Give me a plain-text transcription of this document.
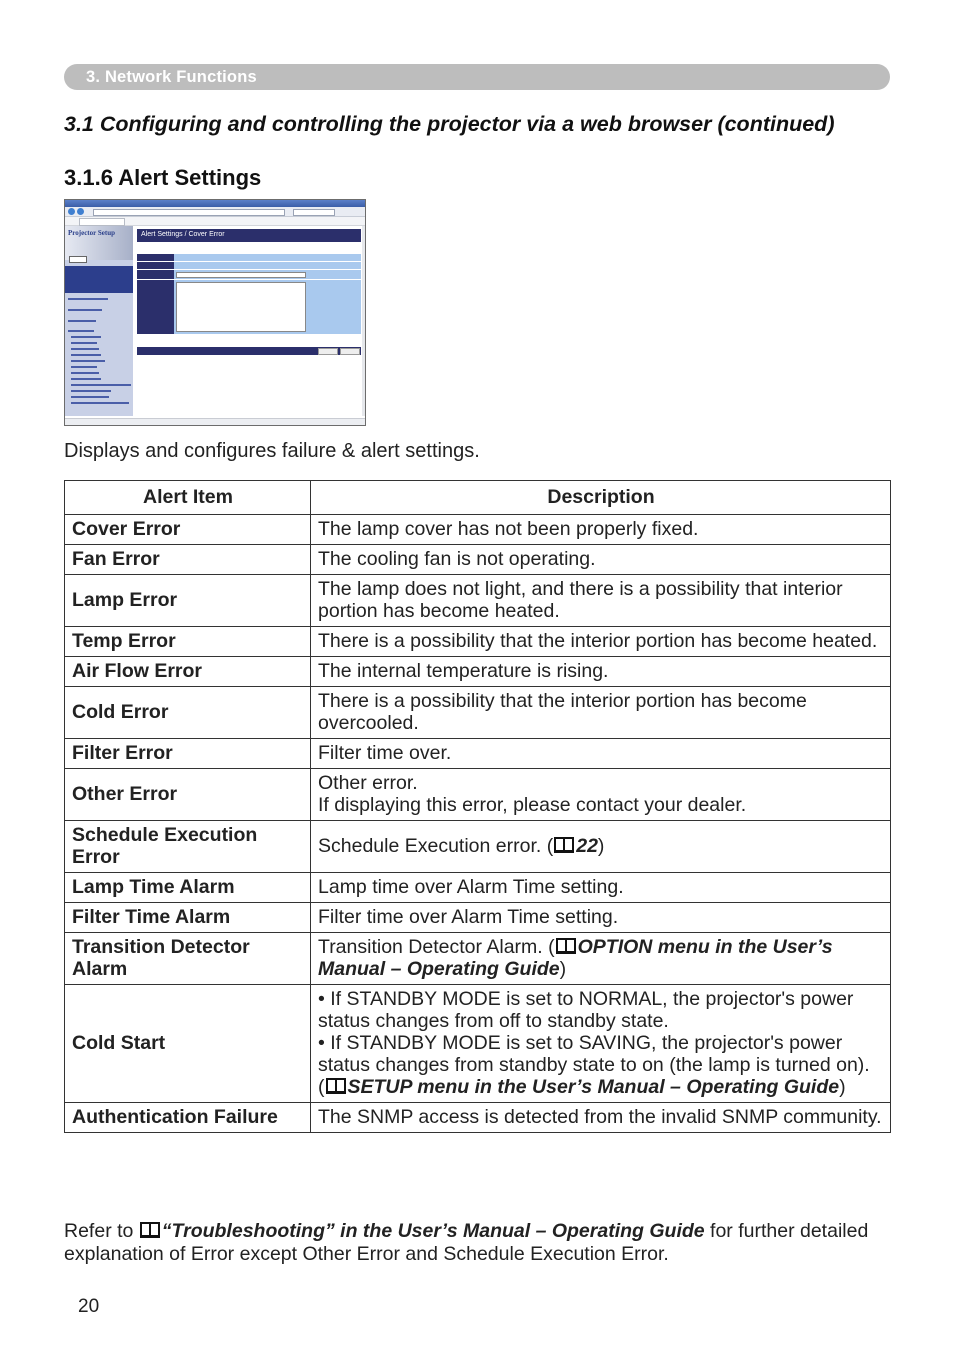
3. Network Functions
3.1 Configuring and controlling the projector via a web browser (continued)
3.1.6 Alert Settings
Projector Setup	Alert Settings / Cover Error
Displays and configures failure & alert settings.
Alert Item	Description
Cover Error	The lamp cover has not been properly fixed.
Fan Error	The cooling fan is not operating.
Lamp Error	The lamp does not light, and there is a possibility that interior portion has become heated.
Temp Error	There is a possibility that the interior portion has become heated.
Air Flow Error	The internal temperature is rising.
Cold Error	There is a possibility that the interior portion has become overcooled.
Filter Error	Filter time over.
Other Error	Other error.
If displaying this error, please contact your dealer.
Schedule Execution Error	Schedule Execution error. ( 22)
Lamp Time Alarm	Lamp time over Alarm Time setting.
Filter Time Alarm	Filter time over Alarm Time setting.
Transition Detector Alarm	Transition Detector Alarm. ( OPTION menu in the User’s Manual – Operating Guide)
Cold Start	• If STANDBY MODE is set to NORMAL, the projector's power status changes from off to standby state.
• If STANDBY MODE is set to SAVING, the projector's power status changes from standby state to on (the lamp is turned on).
( SETUP menu in the User’s Manual – Operating Guide)
Authentication Failure	The SNMP access is detected from the invalid SNMP community.
Refer to “Troubleshooting” in the User’s Manual – Operating Guide for further detailed explanation of Error except Other Error and Schedule Execution Error.
20
